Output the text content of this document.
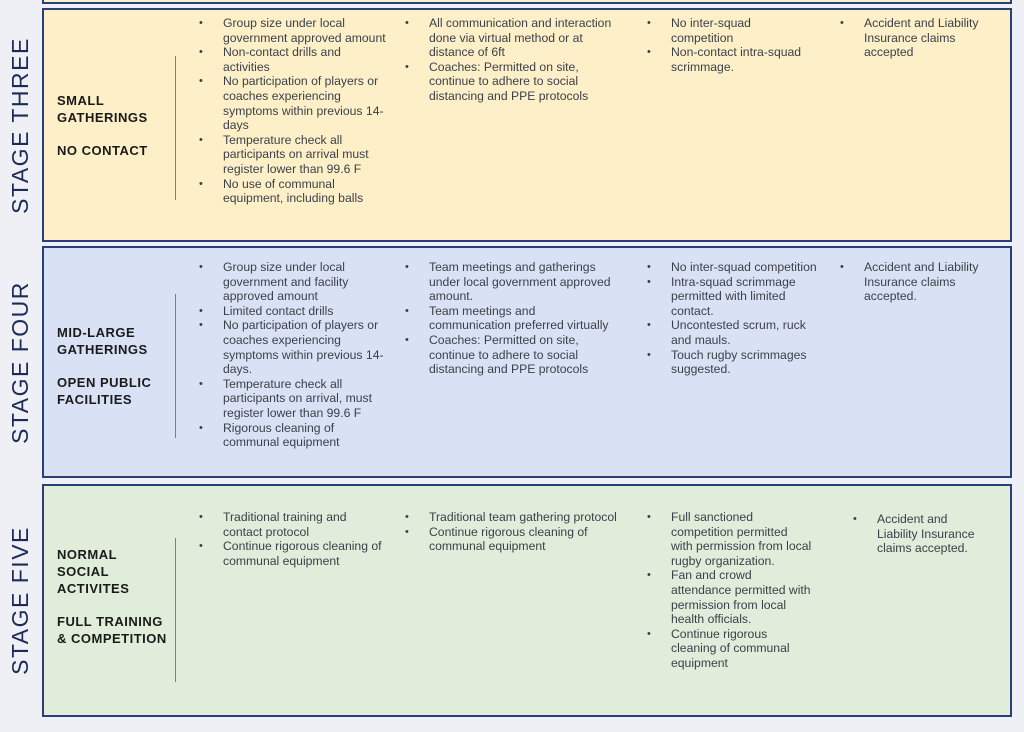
STAGE THREE SMALL GATHERINGS
NO CONTACT
• Group size under local government approved amount
• Non-contact drills and activities
• No participation of players or coaches experiencing symptoms within previous 14-days
• Temperature check all participants on arrival must register lower than 99.6 F
• No use of communal equipment, including balls
• All communication and interaction done via virtual method or at distance of 6ft
• Coaches: Permitted on site, continue to adhere to social distancing and PPE protocols
• No inter-squad competition
• Non-contact intra-squad scrimmage.
• Accident and Liability Insurance claims accepted
STAGE FOUR MID-LARGE GATHERINGS
OPEN PUBLIC FACILITIES
• Group size under local government and facility approved amount
• Limited contact drills
• No participation of players or coaches experiencing symptoms within previous 14-days.
• Temperature check all participants on arrival, must register lower than 99.6 F
• Rigorous cleaning of communal equipment
• Team meetings and gatherings under local government approved amount.
• Team meetings and communication preferred virtually
• Coaches: Permitted on site, continue to adhere to social distancing and PPE protocols
• No inter-squad competition
• Intra-squad scrimmage permitted with limited contact.
• Uncontested scrum, ruck and mauls.
• Touch rugby scrimmages suggested.
• Accident and Liability Insurance claims accepted.
STAGE FIVE NORMAL SOCIAL ACTIVITES
FULL TRAINING & COMPETITION
• Traditional training and contact protocol
• Continue rigorous cleaning of communal equipment
• Traditional team gathering protocol
• Continue rigorous cleaning of communal equipment
• Full sanctioned competition permitted with permission from local rugby organization.
• Fan and crowd attendance permitted with permission from local health officials.
• Continue rigorous cleaning of communal equipment
• Accident and Liability Insurance claims accepted.
